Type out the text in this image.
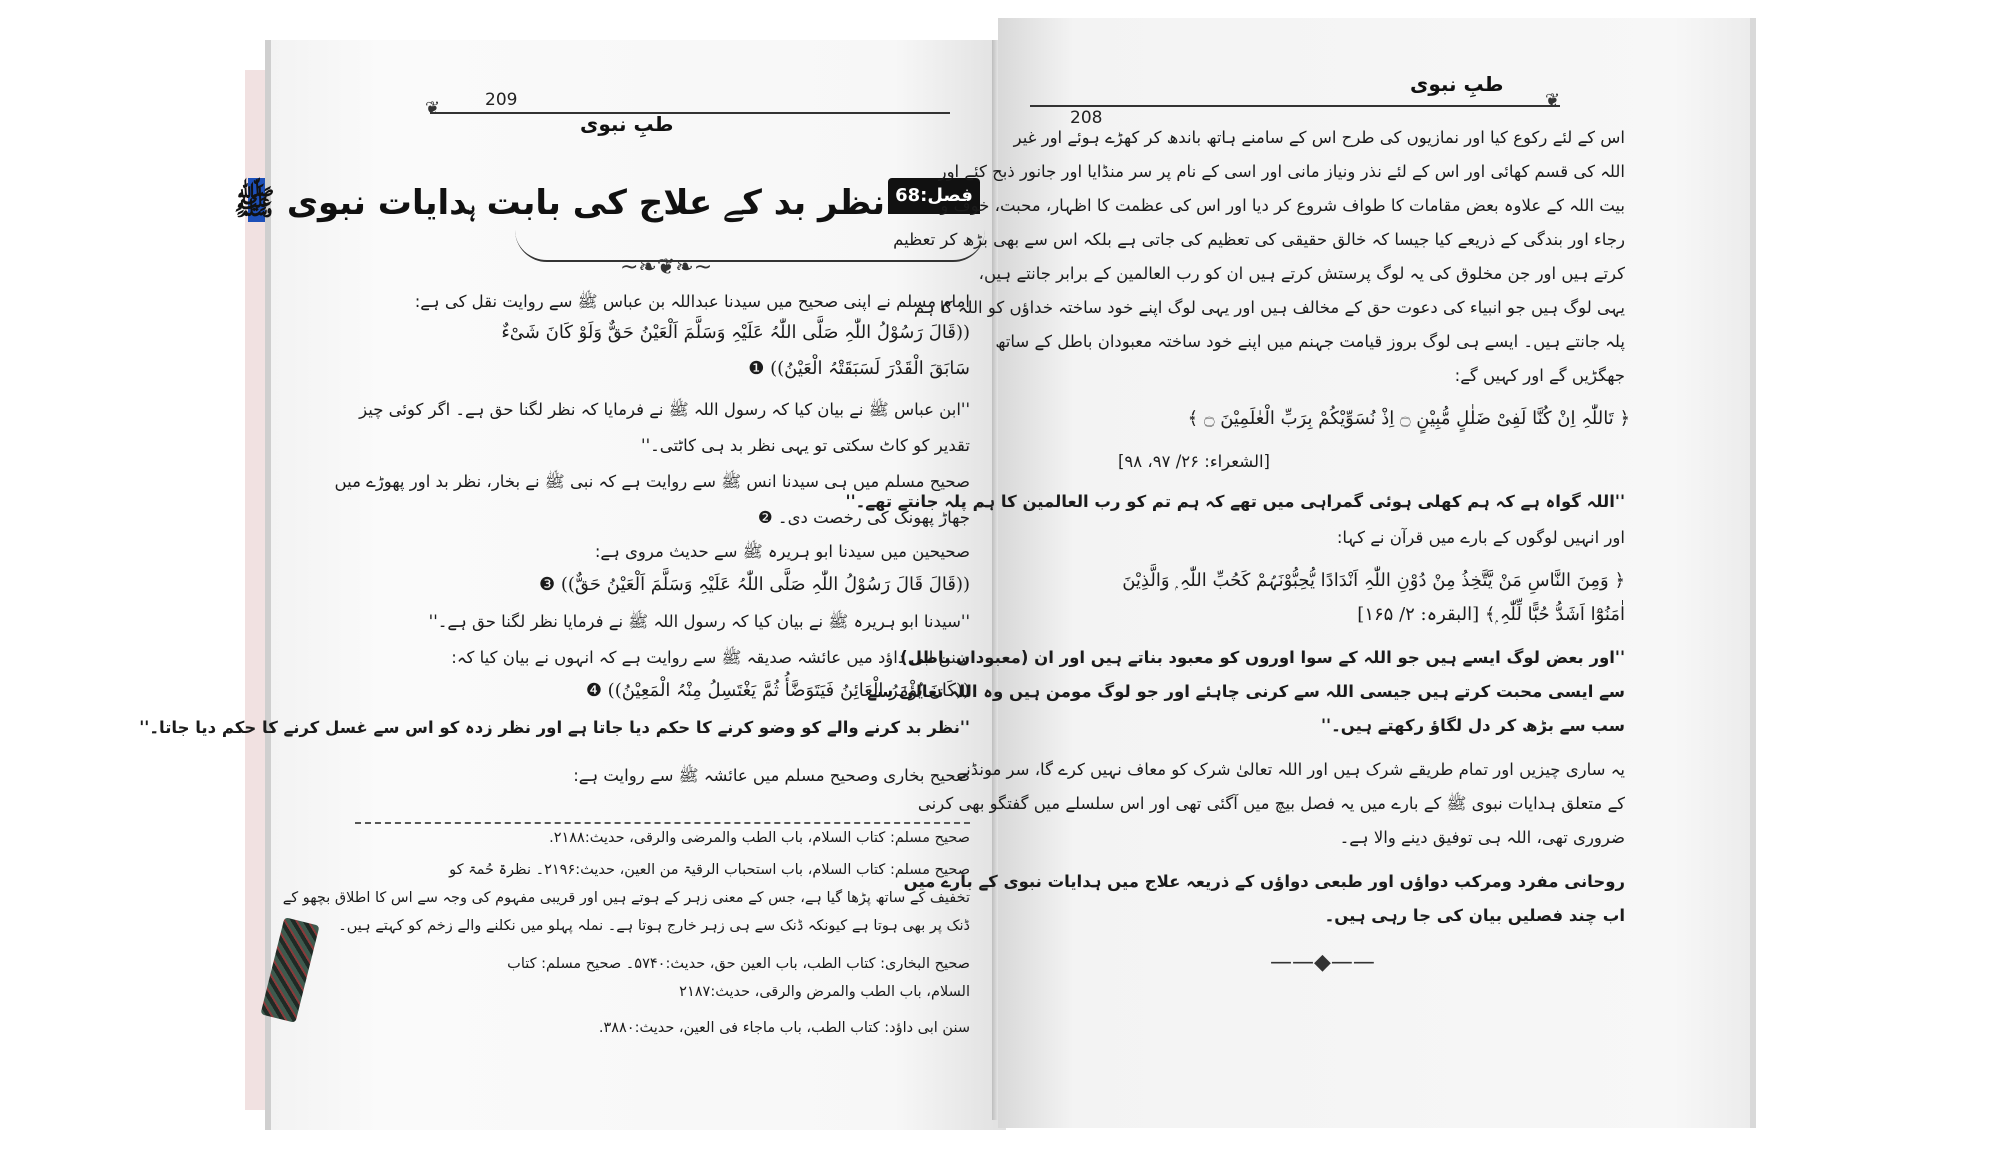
❦	209
طبِ نبوی
فصل:68
نظر بد کے علاج کی بابت ہدایات نبوی ﷺ
~❧❦❧~
امام مسلم نے اپنی صحیح میں سیدنا عبداللہ بن عباس ﷺ سے روایت نقل کی ہے:
((قَالَ رَسُوْلُ اللّٰہِ صَلَّی اللّٰہُ عَلَیْہِ وَسَلَّمَ اَلْعَیْنُ حَقٌّ وَلَوْ کَانَ شَیْءٌ
سَابَقَ الْقَدْرَ لَسَبَقَتْہُ الْعَیْنُ)) ❶
''ابن عباس ﷺ نے بیان کیا کہ رسول اللہ ﷺ نے فرمایا کہ نظر لگنا حق ہے۔ اگر کوئی چیز
تقدیر کو کاٹ سکتی تو یہی نظر بد ہی کاٹتی۔''
صحیح مسلم میں ہی سیدنا انس ﷺ سے روایت ہے کہ نبی ﷺ نے بخار، نظر بد اور پھوڑے میں
جھاڑ پھونک کی رخصت دی۔ ❷
صحیحین میں سیدنا ابو ہریرہ ﷺ سے حدیث مروی ہے:
((قَالَ قَالَ رَسُوْلُ اللّٰہِ صَلَّی اللّٰہُ عَلَیْہِ وَسَلَّمَ اَلْعَیْنُ حَقٌّ)) ❸
''سیدنا ابو ہریرہ ﷺ نے بیان کیا کہ رسول اللہ ﷺ نے فرمایا نظر لگنا حق ہے۔''
سنن ابی داؤد میں عائشہ صدیقہ ﷺ سے روایت ہے کہ انہوں نے بیان کیا کہ:
((کَانَ یُؤْمَرُ الْعَائِنُ فَیَتَوَضَّأُ ثُمَّ یَغْتَسِلُ مِنْہُ الْمَعِیْنُ)) ❹
''نظر بد کرنے والے کو وضو کرنے کا حکم دیا جاتا ہے اور نظر زدہ کو اس سے غسل کرنے کا حکم دیا جاتا۔''
صحیح بخاری وصحیح مسلم میں عائشہ ﷺ سے روایت ہے:
صحیح مسلم: کتاب السلام، باب الطب والمرضی والرقی، حدیث:۲۱۸۸.
صحیح مسلم: کتاب السلام، باب استحباب الرقیۃ من العین، حدیث:۲۱۹۶۔ نظرۃ حُمۃ کو
تخفیف کے ساتھ پڑھا گیا ہے، جس کے معنی زہر کے ہوتے ہیں اور قریبی مفہوم کی وجہ سے اس کا اطلاق بچھو کے
ڈنک پر بھی ہوتا ہے کیونکہ ڈنک سے ہی زہر خارج ہوتا ہے۔ نملہ پہلو میں نکلنے والے زخم کو کہتے ہیں۔
صحیح البخاری: کتاب الطب، باب العین حق، حدیث:۵۷۴۰۔ صحیح مسلم: کتاب
السلام، باب الطب والمرض والرقی، حدیث:۲۱۸۷
سنن ابی داؤد: کتاب الطب، باب ماجاء فی العین، حدیث:۳۸۸۰.
❦
208
طبِ نبوی
اس کے لئے رکوع کیا اور نمازیوں کی طرح اس کے سامنے ہاتھ باندھ کر کھڑے ہوئے اور غیر
اللہ کی قسم کھائی اور اس کے لئے نذر ونیاز مانی اور اسی کے نام پر سر منڈایا اور جانور ذبح کئے اور
بیت اللہ کے علاوہ بعض مقامات کا طواف شروع کر دیا اور اس کی عظمت کا اظہار، محبت، خوف و
رجاء اور بندگی کے ذریعے کیا جیسا کہ خالق حقیقی کی تعظیم کی جاتی ہے بلکہ اس سے بھی بڑھ کر تعظیم
کرتے ہیں اور جن مخلوق کی یہ لوگ پرستش کرتے ہیں ان کو رب العالمین کے برابر جانتے ہیں،
یہی لوگ ہیں جو انبیاء کی دعوت حق کے مخالف ہیں اور یہی لوگ اپنے خود ساختہ خداؤں کو اللہ کا ہم
پلہ جانتے ہیں۔ ایسے ہی لوگ بروز قیامت جہنم میں اپنے خود ساختہ معبودان باطل کے ساتھ
جھگڑیں گے اور کہیں گے:
﴿ تَاللّٰہِ اِنْ کُنَّا لَفِیْ ضَلٰلٍ مُّبِیْنٍ ۝ اِذْ نُسَوِّیْکُمْ بِرَبِّ الْعٰلَمِیْنَ ۝ ﴾
[الشعراء: ۲۶/ ۹۷، ۹۸]
''اللہ گواہ ہے کہ ہم کھلی ہوئی گمراہی میں تھے کہ ہم تم کو رب العالمین کا ہم پلہ جانتے تھے۔''
اور انہیں لوگوں کے بارے میں قرآن نے کہا:
﴿ وَمِنَ النَّاسِ مَنْ یَّتَّخِذُ مِنْ دُوْنِ اللّٰہِ اَنْدَادًا یُّحِبُّوْنَہُمْ کَحُبِّ اللّٰہِ ۭ وَالَّذِیْنَ
اٰمَنُوْٓا اَشَدُّ حُبًّا لِّلّٰہِ ۭ﴾ [البقرہ: ۲/ ۱۶۵]
''اور بعض لوگ ایسے ہیں جو اللہ کے سوا اوروں کو معبود بناتے ہیں اور ان (معبودان باطل)
سے ایسی محبت کرتے ہیں جیسی اللہ سے کرنی چاہئے اور جو لوگ مومن ہیں وہ اللہ تعالیٰ سے
سب سے بڑھ کر دل لگاؤ رکھتے ہیں۔''
یہ ساری چیزیں اور تمام طریقے شرک ہیں اور اللہ تعالیٰ شرک کو معاف نہیں کرے گا، سر مونڈنے
کے متعلق ہدایات نبوی ﷺ کے بارے میں یہ فصل بیچ میں آگئی تھی اور اس سلسلے میں گفتگو بھی کرنی
ضروری تھی، اللہ ہی توفیق دینے والا ہے۔
روحانی مفرد ومرکب دواؤں اور طبعی دواؤں کے ذریعہ علاج میں ہدایات نبوی کے بارے میں
اب چند فصلیں بیان کی جا رہی ہیں۔
——◆——
